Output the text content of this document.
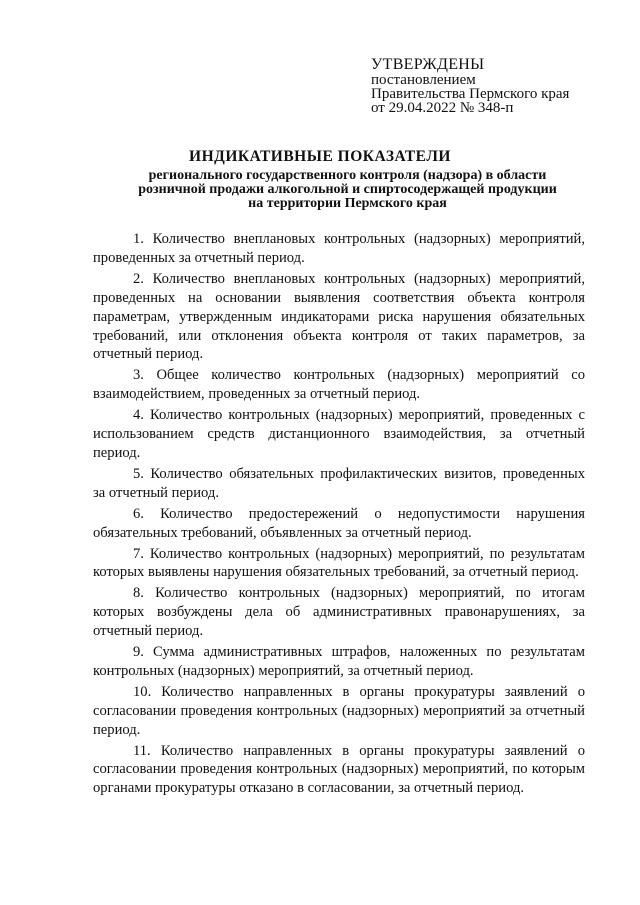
УТВЕРЖДЕНЫ
постановлением
Правительства Пермского края
от 29.04.2022 № 348-п
ИНДИКАТИВНЫЕ ПОКАЗАТЕЛИ
регионального государственного контроля (надзора) в области
розничной продажи алкогольной и спиртосодержащей продукции
на территории Пермского края

1. Количество внеплановых контрольных (надзорных) мероприятий, проведенных за отчетный период.

2. Количество внеплановых контрольных (надзорных) мероприятий, проведенных на основании выявления соответствия объекта контроля параметрам, утвержденным индикаторами риска нарушения обязательных требований, или отклонения объекта контроля от таких параметров, за отчетный период.

3. Общее количество контрольных (надзорных) мероприятий со взаимодействием, проведенных за отчетный период.

4. Количество контрольных (надзорных) мероприятий, проведенных с использованием средств дистанционного взаимодействия, за отчетный период.

5. Количество обязательных профилактических визитов, проведенных за отчетный период.

6. Количество предостережений о недопустимости нарушения обязательных требований, объявленных за отчетный период.

7. Количество контрольных (надзорных) мероприятий, по результатам которых выявлены нарушения обязательных требований, за отчетный период.

8. Количество контрольных (надзорных) мероприятий, по итогам которых возбуждены дела об административных правонарушениях, за отчетный период.

9. Сумма административных штрафов, наложенных по результатам контрольных (надзорных) мероприятий, за отчетный период.

10. Количество направленных в органы прокуратуры заявлений о согласовании проведения контрольных (надзорных) мероприятий за отчетный период.

11. Количество направленных в органы прокуратуры заявлений о согласовании проведения контрольных (надзорных) мероприятий, по которым органами прокуратуры отказано в согласовании, за отчетный период.
